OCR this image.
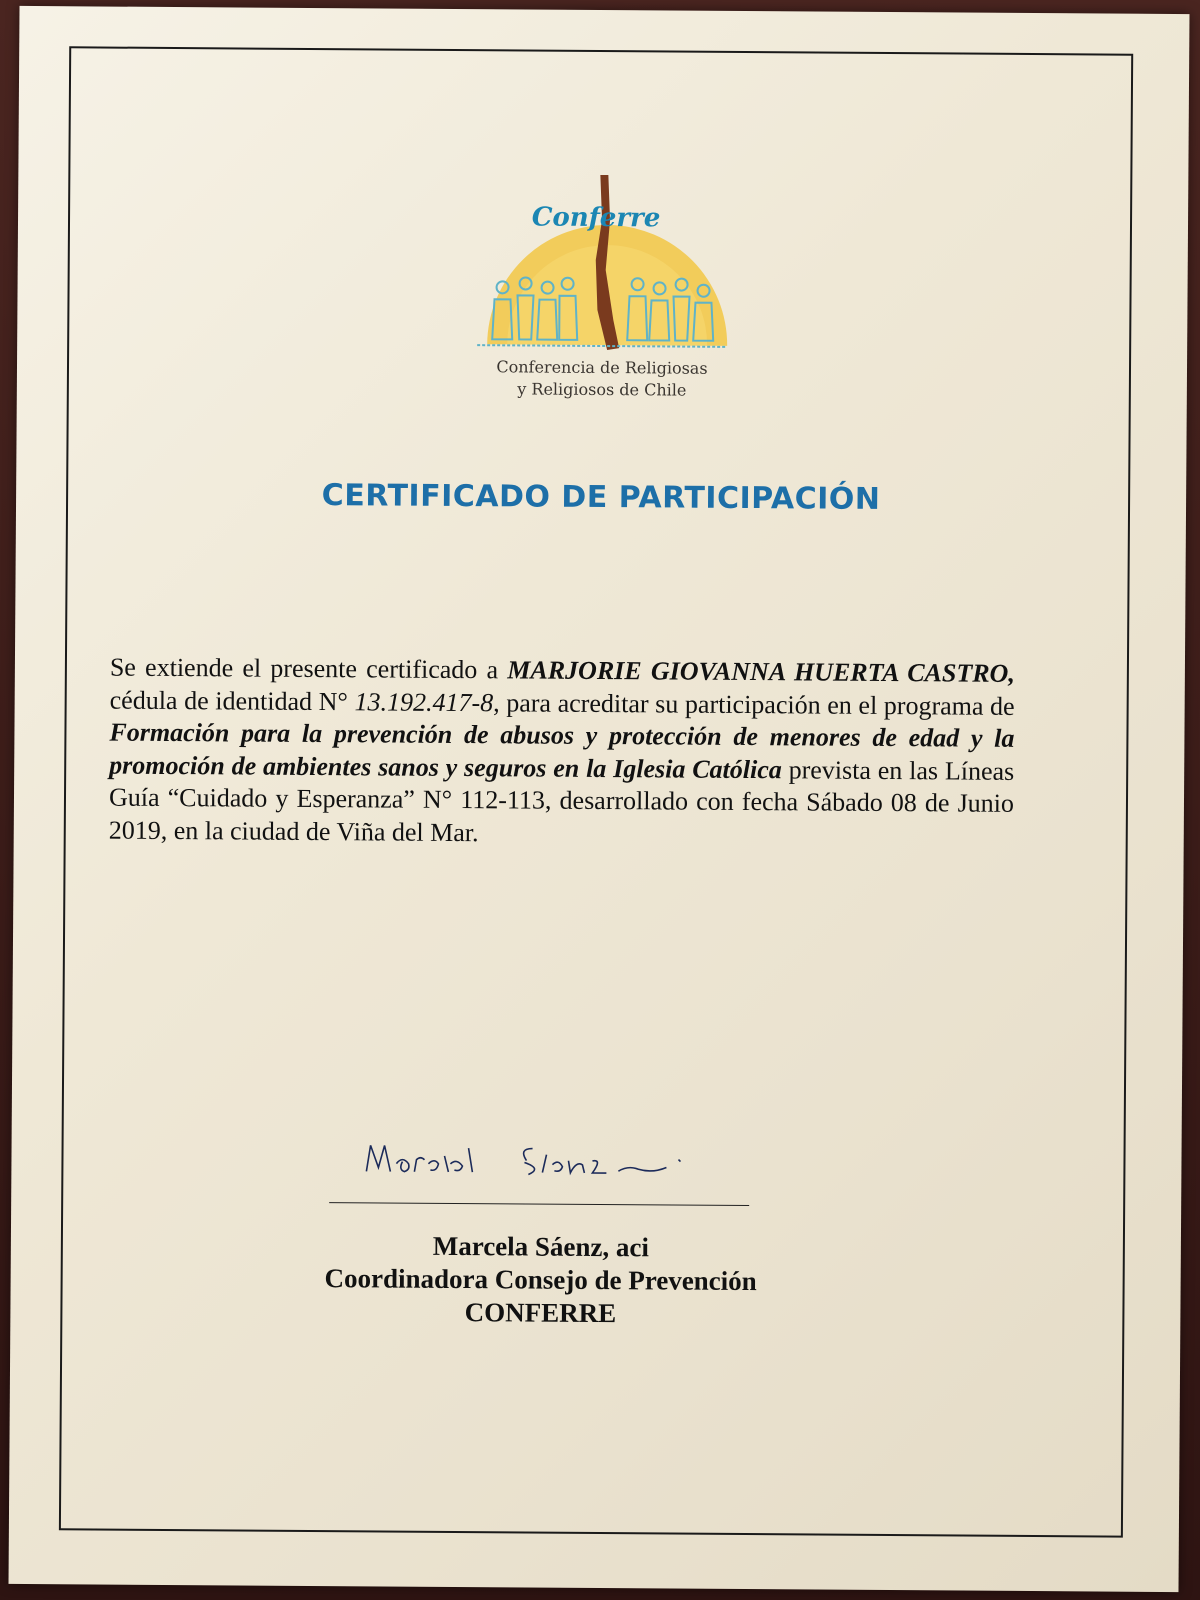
Conferre
Conferencia de Religiosas
y Religiosos de Chile
CERTIFICADO DE PARTICIPACIÓN
Se extiende el presente certificado a MARJORIE GIOVANNA HUERTA CASTRO, cédula de identidad N° 13.192.417-8, para acreditar su participación en el programa de Formación para la prevención de abusos y protección de menores de edad y la promoción de ambientes sanos y seguros en la Iglesia Católica prevista en las Líneas Guía “Cuidado y Esperanza” N° 112-113, desarrollado con fecha Sábado 08 de Junio 2019, en la ciudad de Viña del Mar.
Marcela Sáenz, aci
Coordinadora Consejo de Prevención
CONFERRE
